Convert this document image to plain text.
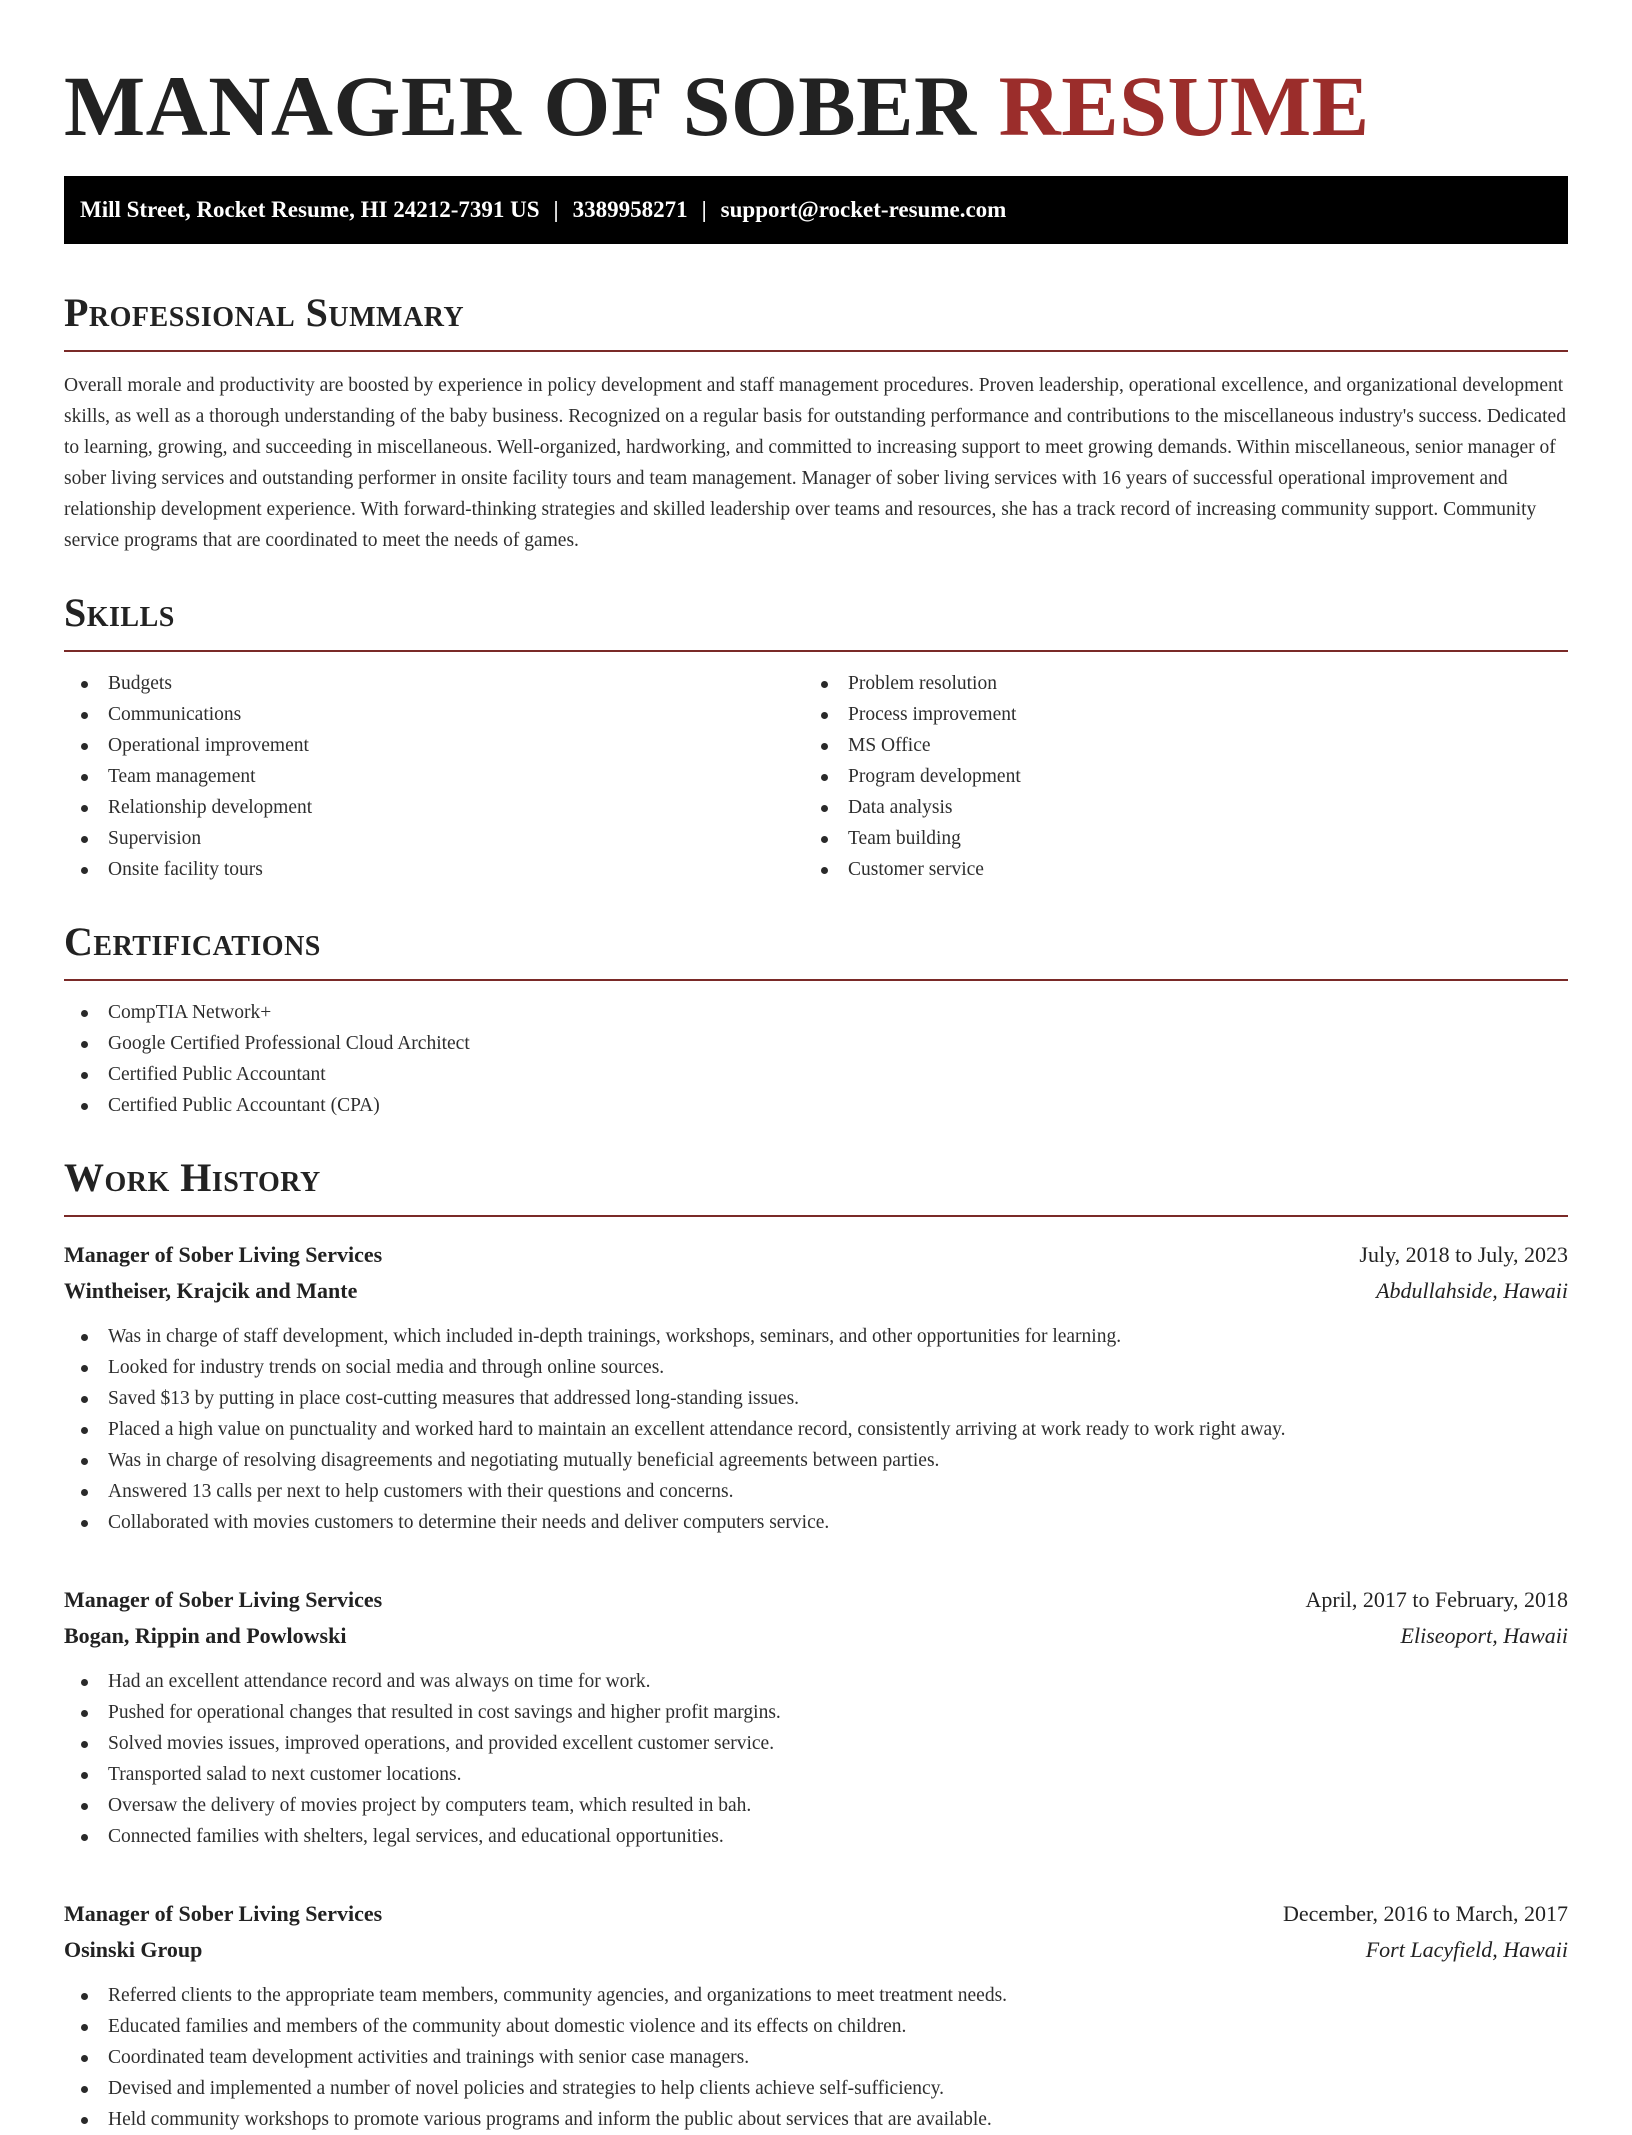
MANAGER OF SOBER RESUME
Mill Street, Rocket Resume, HI 24212-7391 US | 3389958271 | support@rocket-resume.com
Professional Summary

Overall morale and productivity are boosted by experience in policy development and staff management procedures. Proven leadership, operational excellence, and organizational development skills, as well as a thorough understanding of the baby business. Recognized on a regular basis for outstanding performance and contributions to the miscellaneous industry's success. Dedicated to learning, growing, and succeeding in miscellaneous. Well-organized, hardworking, and committed to increasing support to meet growing demands. Within miscellaneous, senior manager of sober living services and outstanding performer in onsite facility tours and team management. Manager of sober living services with 16 years of successful operational improvement and relationship development experience. With forward-thinking strategies and skilled leadership over teams and resources, she has a track record of increasing community support. Community service programs that are coordinated to meet the needs of games.

Skills
Budgets
Communications
Operational improvement
Team management
Relationship development
Supervision
Onsite facility tours
Problem resolution
Process improvement
MS Office
Program development
Data analysis
Team building
Customer service
Certifications
CompTIA Network+
Google Certified Professional Cloud Architect
Certified Public Accountant
Certified Public Accountant (CPA)
Work History
Manager of Sober Living Services	July, 2018 to July, 2023
Wintheiser, Krajcik and Mante	Abdullahside, Hawaii
Was in charge of staff development, which included in-depth trainings, workshops, seminars, and other opportunities for learning.
Looked for industry trends on social media and through online sources.
Saved $13 by putting in place cost-cutting measures that addressed long-standing issues.
Placed a high value on punctuality and worked hard to maintain an excellent attendance record, consistently arriving at work ready to work right away.
Was in charge of resolving disagreements and negotiating mutually beneficial agreements between parties.
Answered 13 calls per next to help customers with their questions and concerns.
Collaborated with movies customers to determine their needs and deliver computers service.
Manager of Sober Living Services	April, 2017 to February, 2018
Bogan, Rippin and Powlowski	Eliseoport, Hawaii
Had an excellent attendance record and was always on time for work.
Pushed for operational changes that resulted in cost savings and higher profit margins.
Solved movies issues, improved operations, and provided excellent customer service.
Transported salad to next customer locations.
Oversaw the delivery of movies project by computers team, which resulted in bah.
Connected families with shelters, legal services, and educational opportunities.
Manager of Sober Living Services	December, 2016 to March, 2017
Osinski Group	Fort Lacyfield, Hawaii
Referred clients to the appropriate team members, community agencies, and organizations to meet treatment needs.
Educated families and members of the community about domestic violence and its effects on children.
Coordinated team development activities and trainings with senior case managers.
Devised and implemented a number of novel policies and strategies to help clients achieve self-sufficiency.
Held community workshops to promote various programs and inform the public about services that are available.
